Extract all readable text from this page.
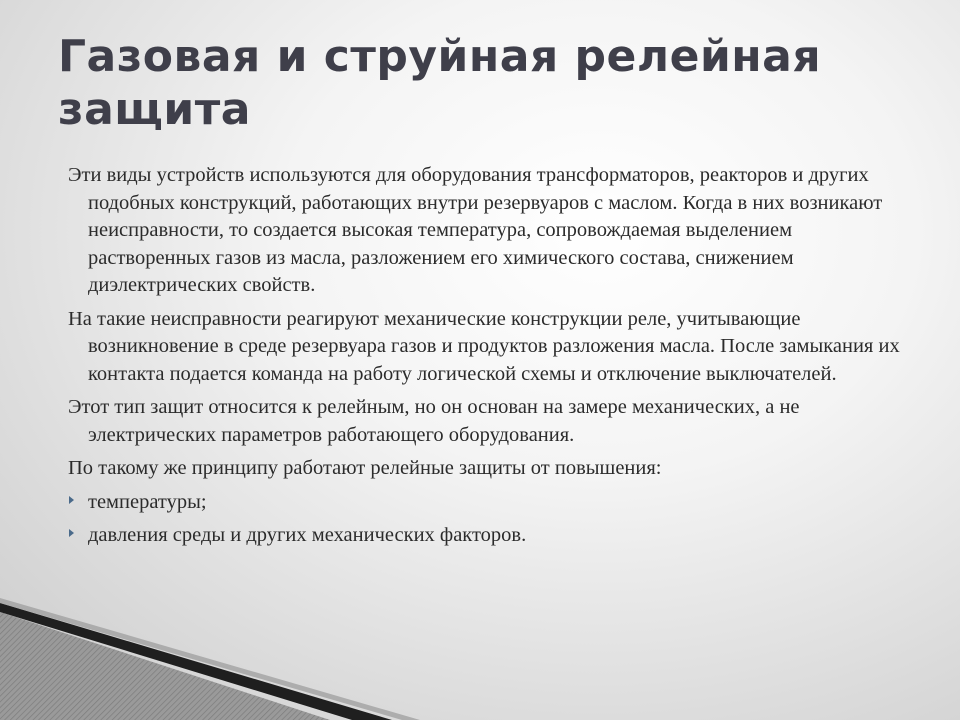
Газовая и струйная релейная защита

Эти виды устройств используются для оборудования трансформаторов, реакторов и других подобных конструкций, работающих внутри резервуаров с маслом. Когда в них возникают неисправности, то создается высокая температура, сопровождаемая выделением растворенных газов из масла, разложением его химического состава, снижением диэлектрических свойств.

На такие неисправности реагируют механические конструкции реле, учитывающие возникновение в среде резервуара газов и продуктов разложения масла. После замыкания их контакта подается команда на работу логической схемы и отключение выключателей.

Этот тип защит относится к релейным, но он основан на замере механических, а не электрических параметров работающего оборудования.

По такому же принципу работают релейные защиты от повышения:

температуры;
давления среды и других механических факторов.
